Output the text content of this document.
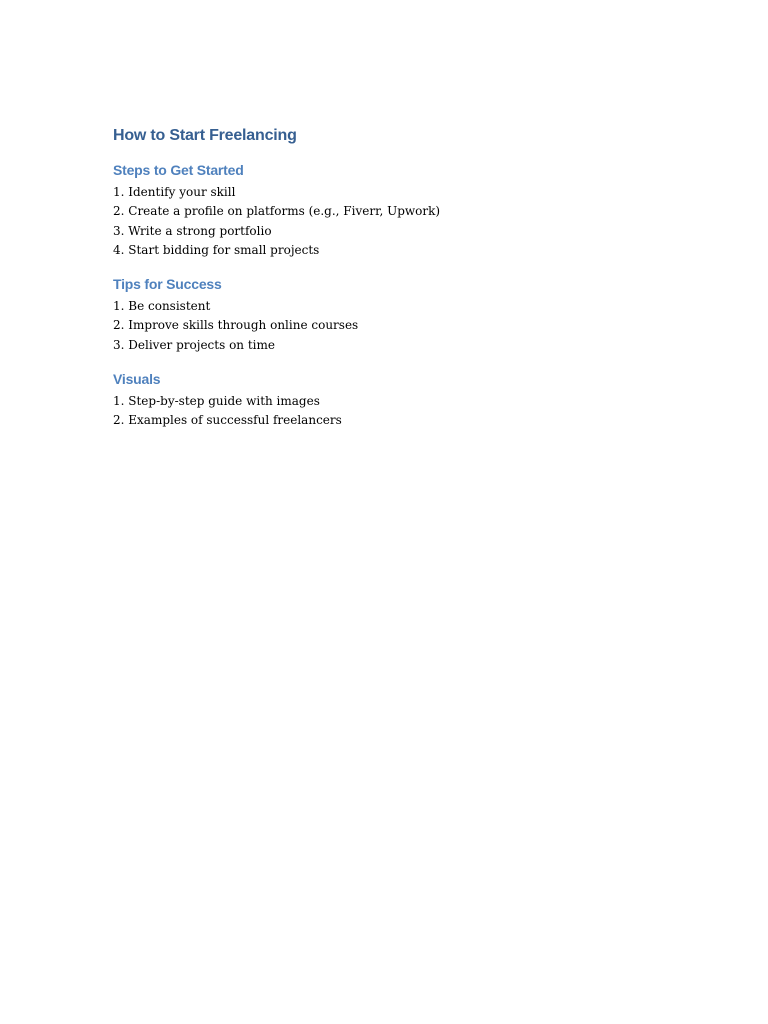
How to Start Freelancing
Steps to Get Started
1. Identify your skill
2. Create a profile on platforms (e.g., Fiverr, Upwork)
3. Write a strong portfolio
4. Start bidding for small projects
Tips for Success
1. Be consistent
2. Improve skills through online courses
3. Deliver projects on time
Visuals
1. Step-by-step guide with images
2. Examples of successful freelancers
